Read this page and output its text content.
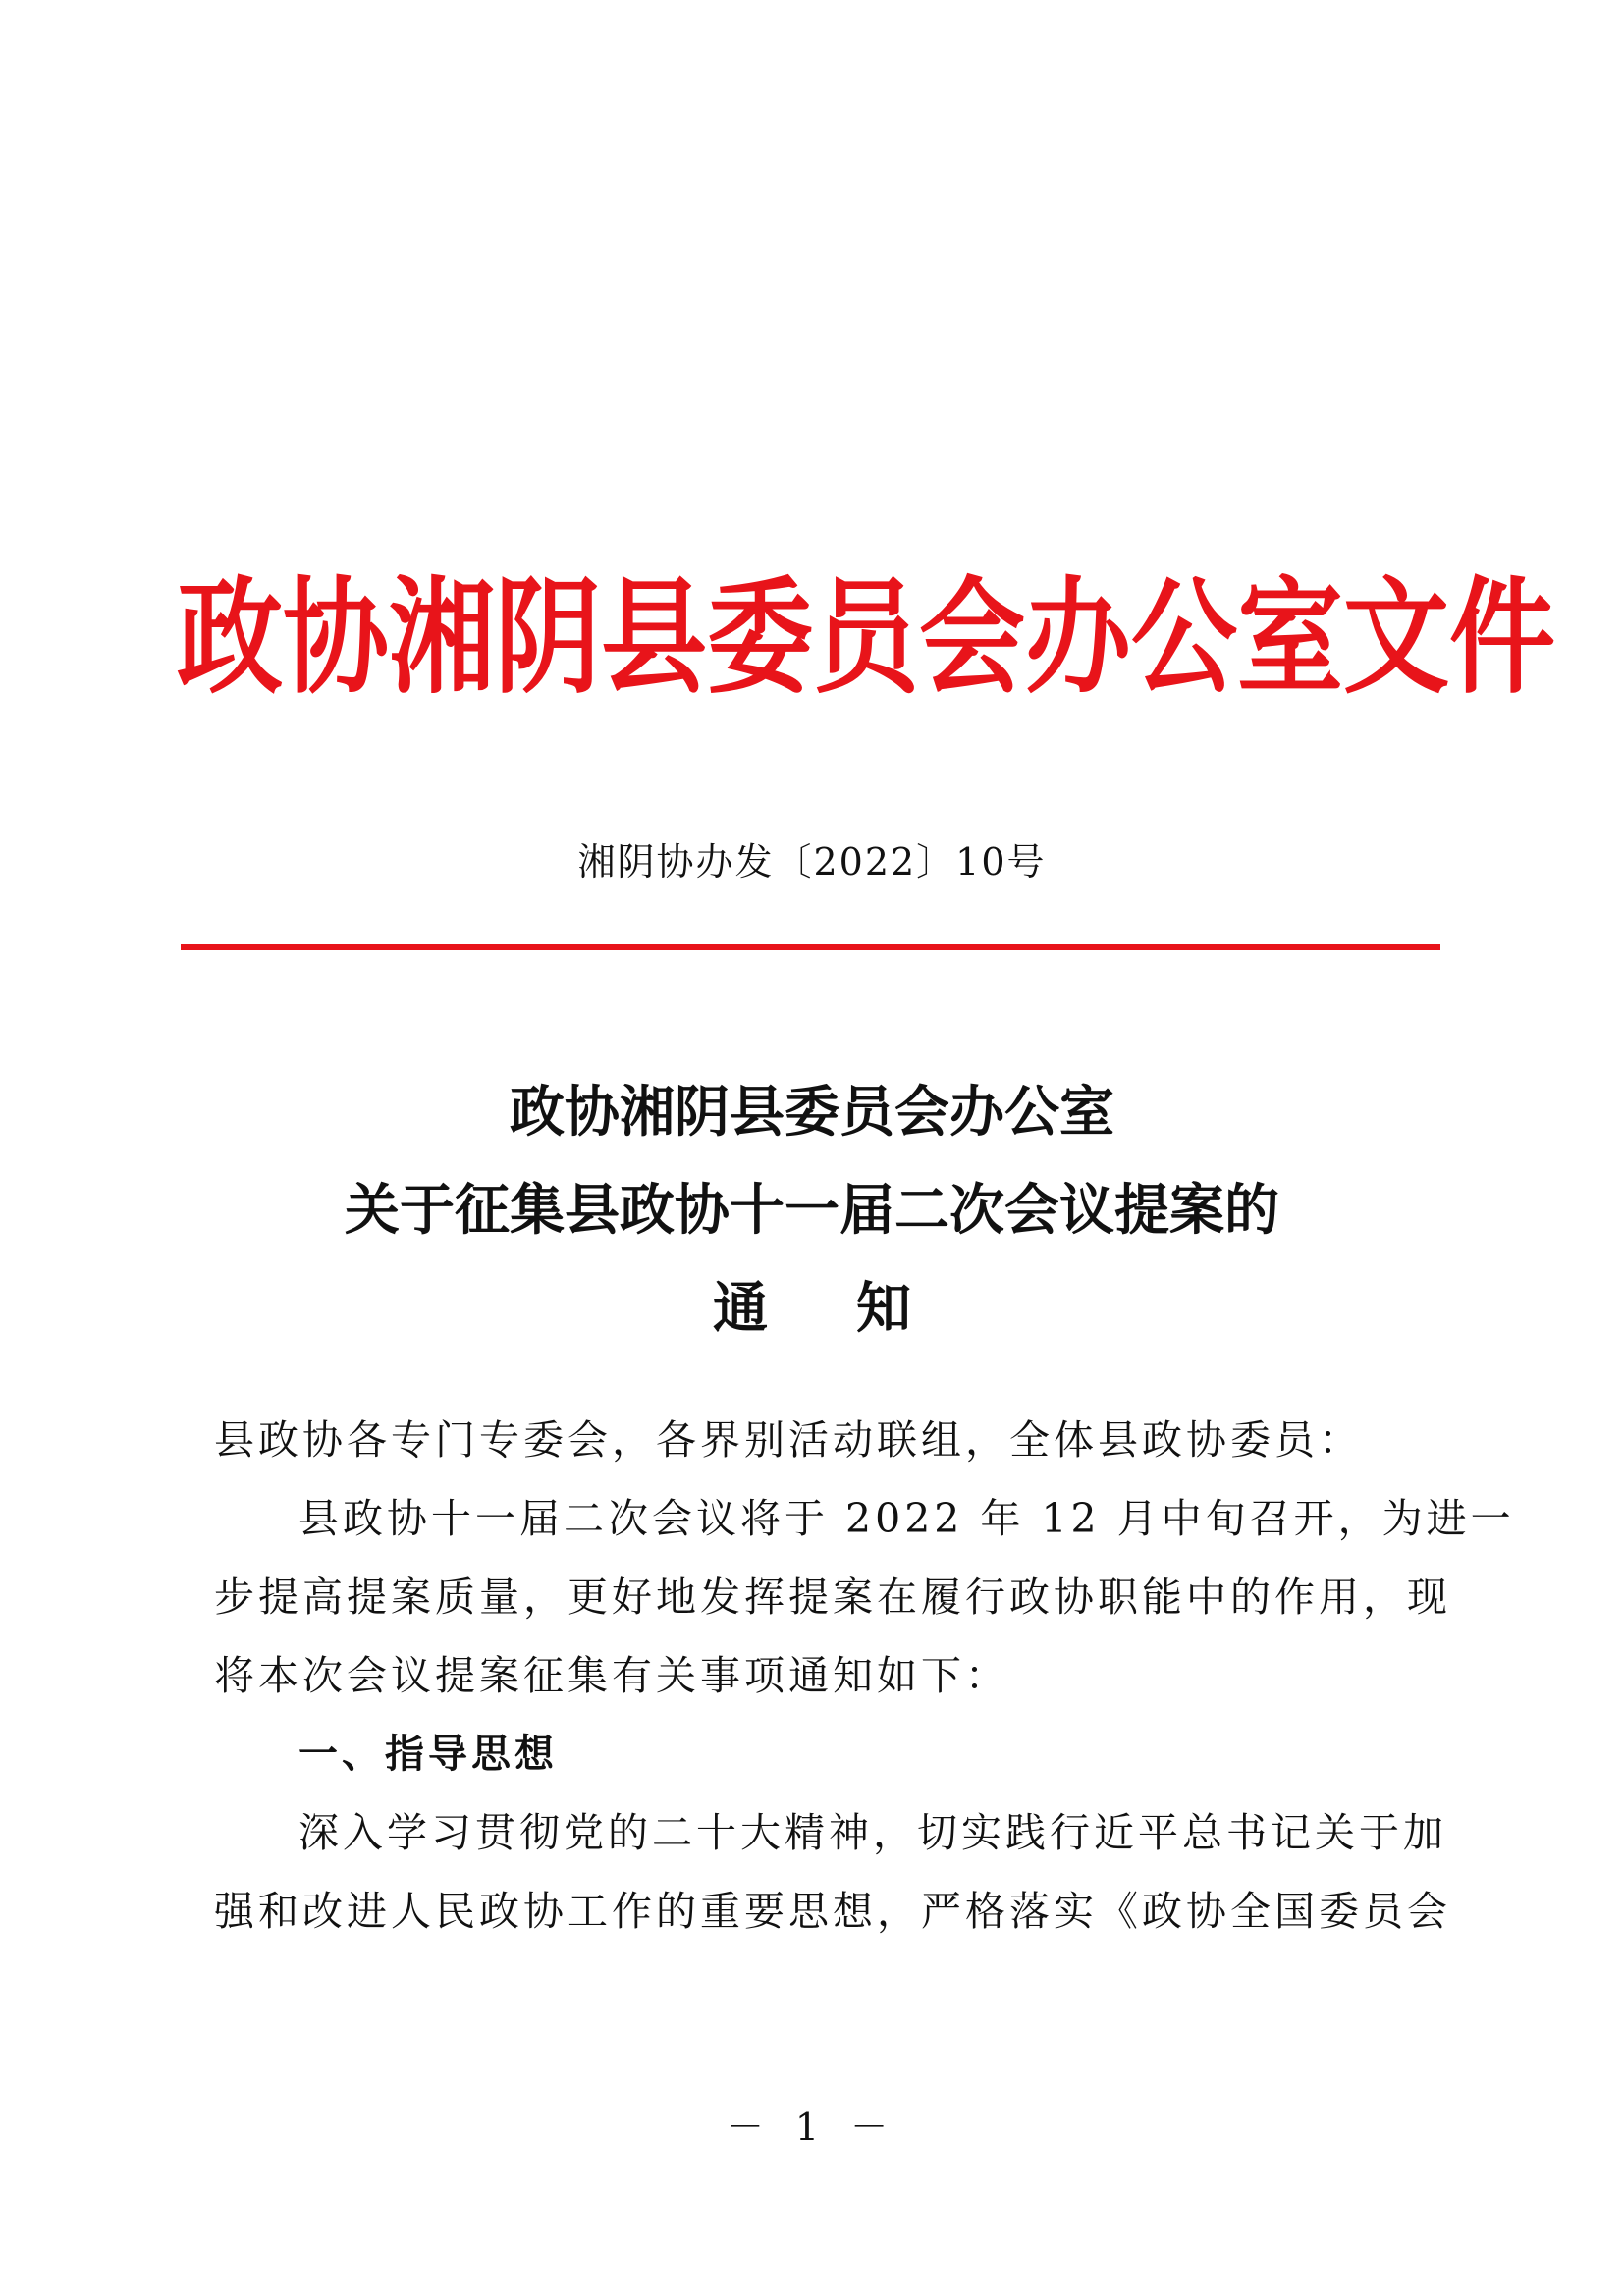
政协湘阴县委员会办公室文件
湘阴协办发〔2022〕10号
政协湘阴县委员会办公室
关于征集县政协十一届二次会议提案的
通知
县政协各专门专委会，各界别活动联组，全体县政协委员：
县政协十一届二次会议将于 2022 年 12 月中旬召开，为进一
步提高提案质量，更好地发挥提案在履行政协职能中的作用，现
将本次会议提案征集有关事项通知如下：
一、指导思想
深入学习贯彻党的二十大精神，切实践行近平总书记关于加
强和改进人民政协工作的重要思想，严格落实《政协全国委员会
－ 1 －
